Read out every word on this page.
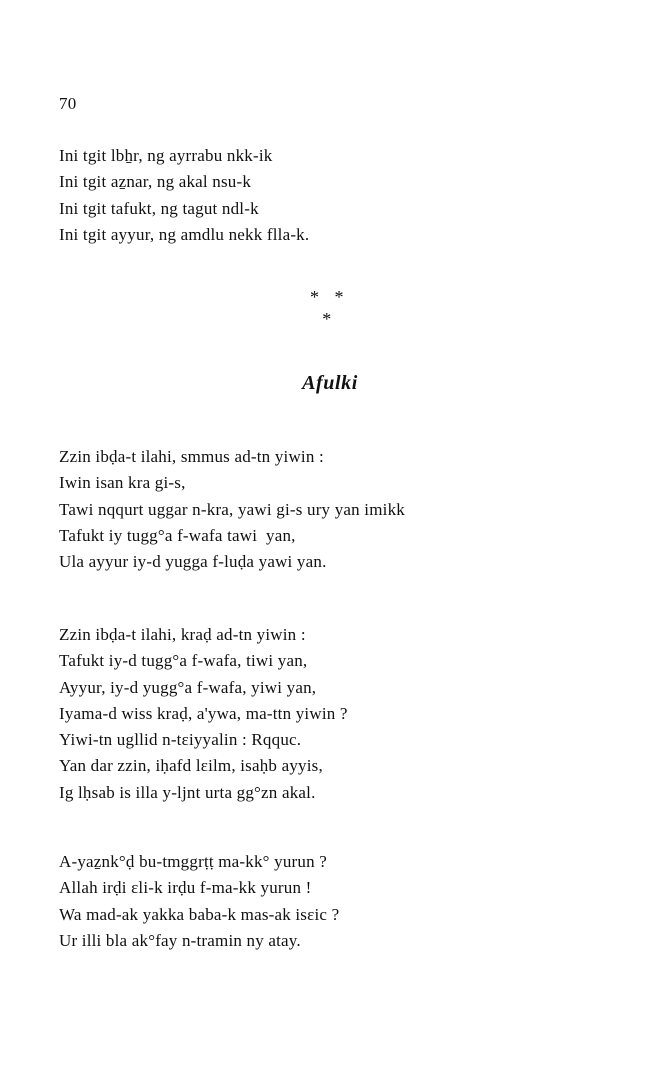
70
Ini tgit lbẖr, ng ayrrabu nkk-ik
Ini tgit aẕnar, ng akal nsu-k
Ini tgit tafukt, ng tagut ndl-k
Ini tgit ayyur, ng amdlu nekk flla-k.
*   *
*
Afulki
Zzin ibḍa-t ilahi, smmus ad-tn yiwin :
Iwin isan kra gi-s,
Tawi nqqurt uggar n-kra, yawi gi-s ury yan imikk
Tafukt iy tugg°a f-wafa tawi  yan,
Ula ayyur iy-d yugga f-luḍa yawi yan.
Zzin ibḍa-t ilahi, kraḍ ad-tn yiwin :
Tafukt iy-d tugg°a f-wafa, tiwi yan,
Ayyur, iy-d yugg°a f-wafa, yiwi yan,
Iyama-d wiss kraḍ, a'ywa, ma-ttn yiwin ?
Yiwi-tn ugllid n-tɛiyyalin : Rqquc.
Yan dar zzin, iḥafd lɛilm, isaḥb ayyis,
Ig lḥsab is illa y-ljnt urta gg°zn akal.
A-yaẕnk°ḍ bu-tmggrṭṭ ma-kk° yurun ?
Allah irḍi ɛli-k irḍu f-ma-kk yurun !
Wa mad-ak yakka baba-k mas-ak isɛic ?
Ur illi bla ak°fay n-tramin ny atay.
